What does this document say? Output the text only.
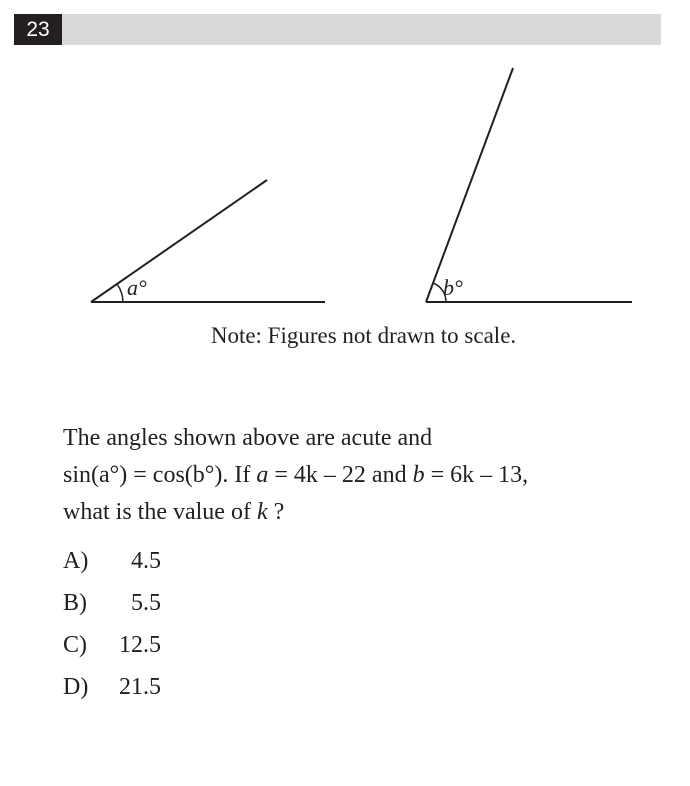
23
a°	b°
Note: Figures not drawn to scale.
The angles shown above are acute and
sin(a°) = cos(b°). If a = 4k – 22 and b = 6k – 13,
what is the value of k ?
A) 4.5
B) 5.5
C) 12.5
D) 21.5
